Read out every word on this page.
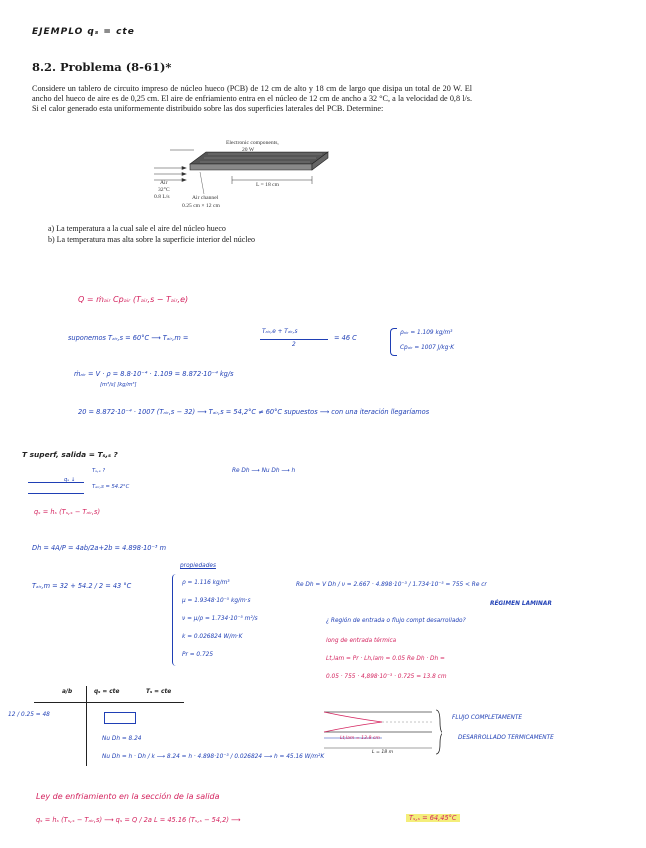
EJEMPLO qₛ = cte
8.2. Problema (8-61)*
Considere un tablero de circuito impreso de núcleo hueco (PCB) de 12 cm de alto y 18 cm de largo que disipa un total de 20 W. El ancho del hueco de aire es de 0,25 cm. El aire de enfriamiento entra en el núcleo de 12 cm de ancho a 32 °C, a la velocidad de 0,8 l/s. Si el calor generado esta uniformemente distribuido sobre las dos superficies laterales del PCB. Determine:
Electronic components,
20 W
Air
32°C
0.8 L/s
L = 18 cm
Air channel
0.25 cm × 12 cm
a) La temperatura a la cual sale el aire del núcleo hueco
b) La temperatura mas alta sobre la superficie interior del núcleo
Q = ṁₐᵢᵣ Cpₐᵢᵣ (Tₐᵢᵣ,s − Tₐᵢᵣ,e)
suponemos Tₐᵢᵣ,s = 60°C ⟶ Tₐᵢᵣ,m =
Tₐᵢᵣ,e + Tₐᵢᵣ,s
2
= 46 C
ρₐᵢᵣ = 1.109 kg/m³
Cpₐᵢᵣ = 1007 J/kg·K
ṁₐᵢᵣ = V · ρ = 8.8·10⁻⁴ · 1.109 = 8.872·10⁻⁴ kg/s
[m³/s] [kg/m³]
20 = 8.872·10⁻⁴ · 1007 (Tₐᵢᵣ,s − 32) ⟶ Tₐᵢᵣ,s = 54,2°C ≠ 60°C supuestos ⟶ con una iteración llegaríamos
T superf, salida = Tₛ,ₛ ?
Tₛ,ₛ ?
qₛ ↓
Tₐᵢᵣ,s = 54.2°C
Re Dh ⟶ Nu Dh ⟶ h
qₛ = hₛ (Tₛ,ₛ − Tₐᵢᵣ,s)
Dh = 4A/P = 4ab/2a+2b = 4.898·10⁻³ m
propiedades
Tₐᵢᵣ,m = 32 + 54.2 / 2 = 43 °C	ρ = 1.116 kg/m³
μ = 1.9348·10⁻⁵ kg/m·s
ν = μ/ρ = 1.734·10⁻⁵ m²/s
k = 0.026824 W/m·K
Pr = 0.725
Re Dh = V Dh / ν = 2.667 · 4.898·10⁻³ / 1.734·10⁻⁵ = 755 < Re cr
RÉGIMEN LAMINAR
¿ Región de entrada o flujo compt desarrollado?
long de entrada térmica
Lt,lam = Pr · Lh,lam = 0.05 Re Dh · Dh =
0.05 · 755 · 4,898·10⁻³ · 0.725 = 13.8 cm
a/b	qₛ = cte	Tₛ = cte
12 / 0.25 = 48
Nu Dh = 8.24
Nu Dh = h · Dh / k ⟶ 8.24 = h · 4.898·10⁻³ / 0.026824 ⟶ h = 45.16 W/m²K
Lt,lam = 13.8 cm
L = 18 m
FLUJO COMPLETAMENTE
DESARROLLADO TERMICAMENTE
Ley de enfriamiento en la sección de la salida
qₛ = hₛ (Tₛ,ₛ − Tₐᵢᵣ,s) ⟶ qₛ = Q / 2a L = 45.16 (Tₛ,ₛ − 54,2) ⟶	Tₛ,ₛ = 64,45°C
